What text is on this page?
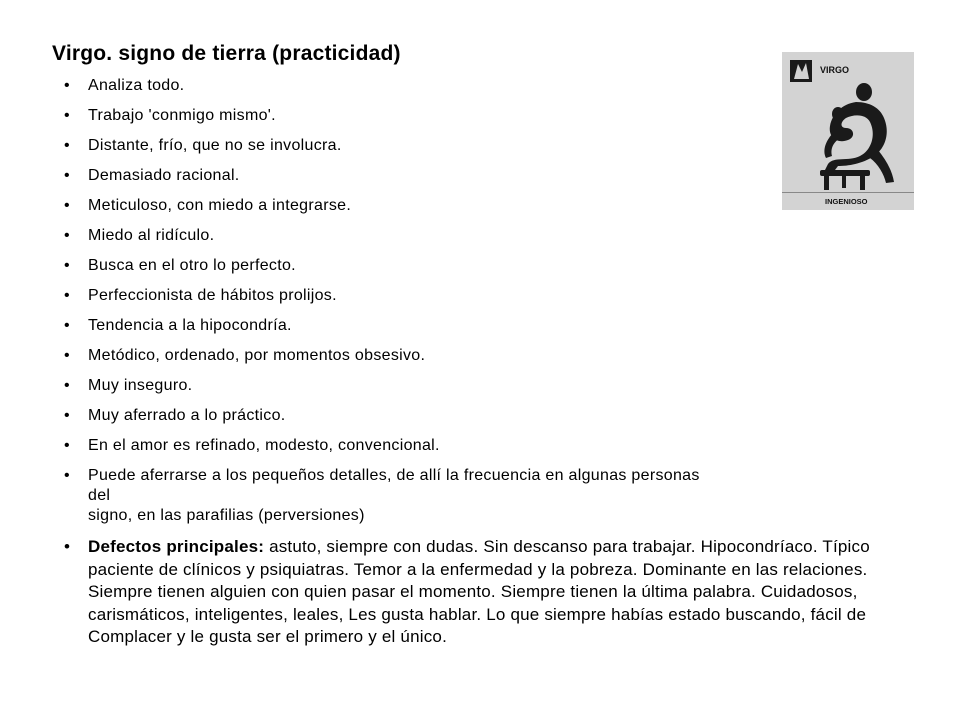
Virgo. signo de tierra (practicidad)
• Analiza todo.
• Trabajo 'conmigo mismo'.
• Distante, frío, que no se involucra.
• Demasiado racional.
• Meticuloso, con miedo a integrarse.
• Miedo al ridículo.
• Busca en el otro lo perfecto.
• Perfeccionista de hábitos prolijos.
• Tendencia a la hipocondría.
• Metódico, ordenado, por momentos obsesivo.
• Muy inseguro.
• Muy aferrado a lo práctico.
• En el amor es refinado, modesto, convencional.
• Puede aferrarse a los pequeños detalles, de allí la frecuencia en algunas personas
del
signo, en las parafilias (perversiones)
• Defectos principales: astuto, siempre con dudas. Sin descanso para trabajar. Hipocondríaco. Típico paciente de clínicos y psiquiatras. Temor a la enfermedad y la pobreza. Dominante en las relaciones. Siempre tienen alguien con quien pasar el momento. Siempre tienen la última palabra. Cuidadosos, carismáticos, inteligentes, leales, Les gusta hablar. Lo que siempre habías estado buscando, fácil de Complacer y le gusta ser el primero y el único.
VIRGO
INGENIOSO
